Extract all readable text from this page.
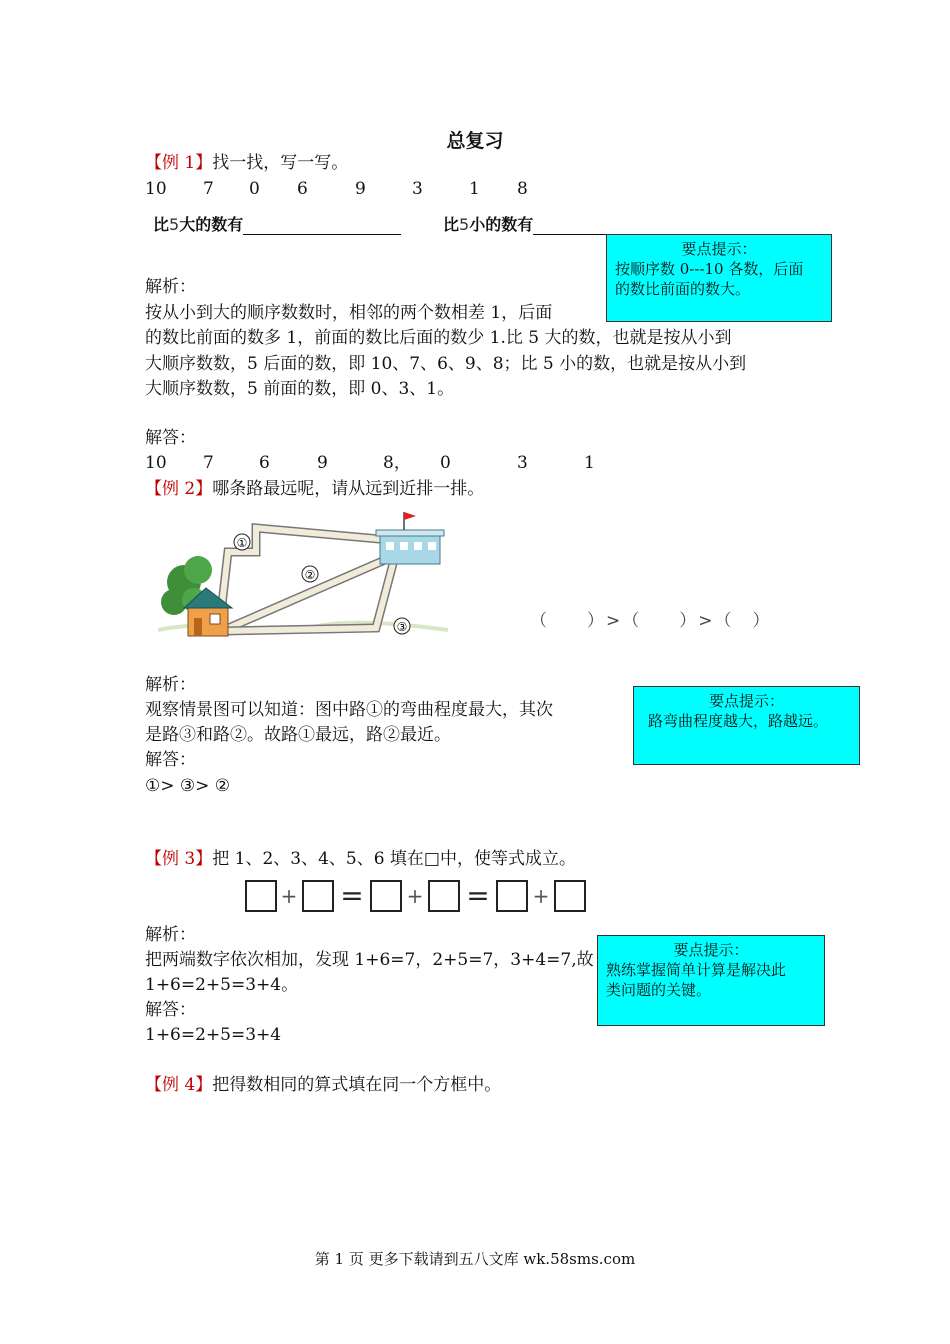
总复习
【例 1】找一找，写一写。
10 7 0 6	9	3	1 8
比5大的数有	比5小的数有
要点提示：
按顺序数 0---10 各数，后面
的数比前面的数大。
解析：
按从小到大的顺序数数时，相邻的两个数相差 1，后面
的数比前面的数多 1，前面的数比后面的数少 1.比 5 大的数，也就是按从小到
大顺序数数，5 后面的数，即 10、7、6、9、8；比 5 小的数，也就是按从小到
大顺序数数，5 前面的数，即 0、3、1。
解答：
10 7	6	9	8， 0	3	1
【例 2】哪条路最远呢，请从远到近排一排。
①
②
③	（　　）>（　　）>（　）
解析：
观察情景图可以知道：图中路①的弯曲程度最大，其次
是路③和路②。故路①最远，路②最近。
解答：
①> ③> ②
要点提示：
路弯曲程度越大，路越远。
【例 3】把 1、2、3、4、5、6 填在□中，使等式成立。
+ = + = +
解析：
把两端数字依次相加，发现 1+6=7，2+5=7，3+4=7,故
1+6=2+5=3+4。
解答：
1+6=2+5=3+4
要点提示：
熟练掌握简单计算是解决此
类问题的关键。
【例 4】把得数相同的算式填在同一个方框中。
第 1 页 更多下载请到五八文库 wk.58sms.com
